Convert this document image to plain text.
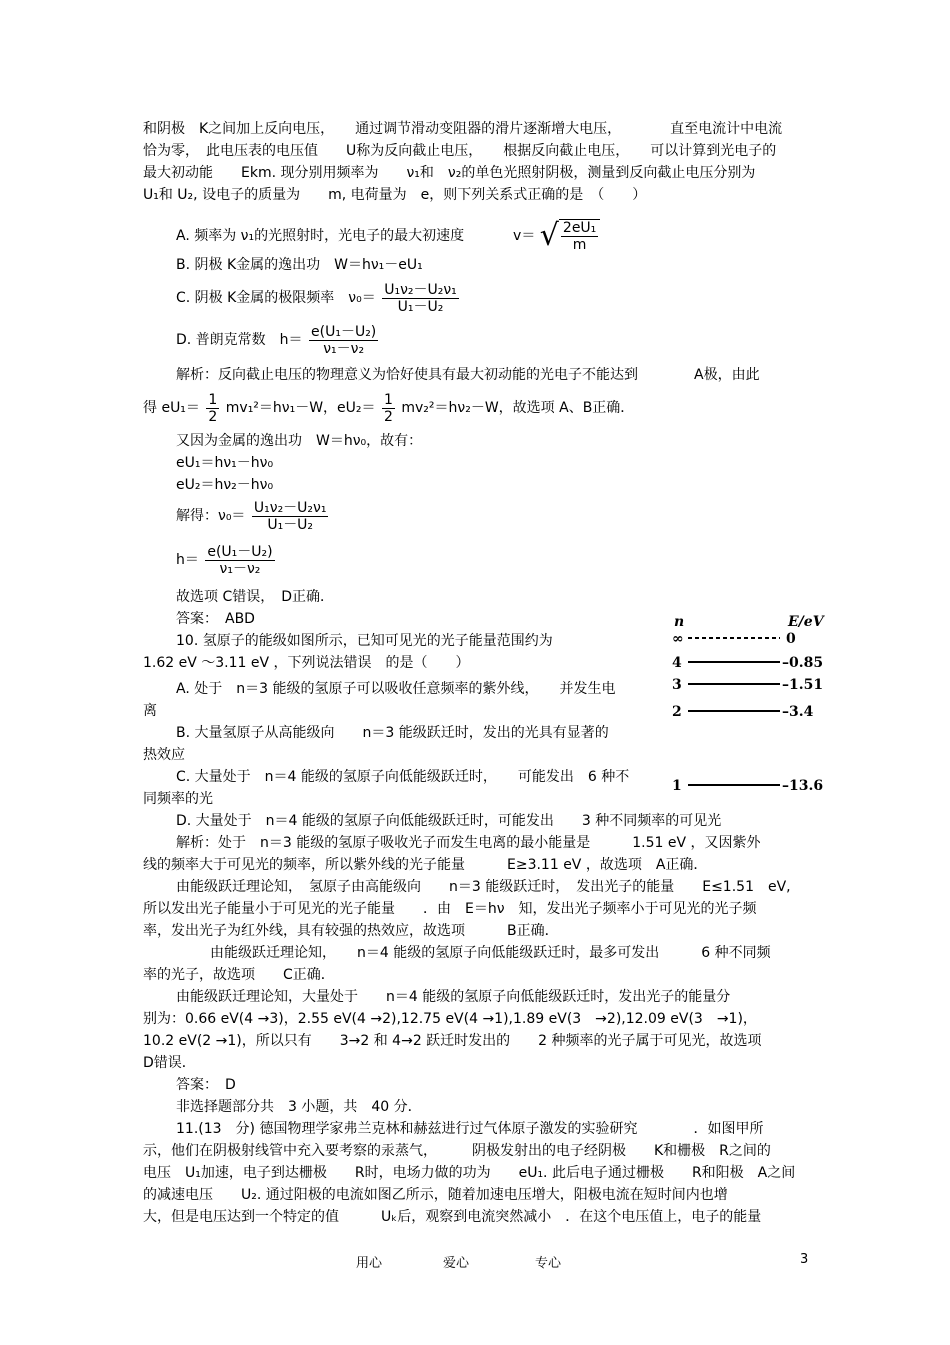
和阴极　K之间加上反向电压，　　通过调节滑动变阻器的滑片逐渐增大电压，　　　　直至电流计中电流
恰为零，　此电压表的电压值　　U称为反向截止电压，　　根据反向截止电压，　　可以计算到光电子的
最大初动能　　Ekm. 现分别用频率为　　ν₁和　ν₂的单色光照射阴极，测量到反向截止电压分别为
U₁和 U₂, 设电子的质量为　　m, 电荷量为　e，则下列关系式正确的是　（　　）
A. 频率为 ν₁的光照射时，光电子的最大初速度	v＝ √ $\frac{\text{2eU₁}}{m}$
B. 阴极 K金属的逸出功　W＝hν₁－eU₁
C. 阴极 K金属的极限频率　$\nu_0= \frac{\text{U₁ν₂－U₂ν₁}}{\text{U₁－U₂}}$
D. 普朗克常数　$h= \frac{\text{e(U₁－U₂)}}{\text{ν₁－ν₂}}$
解析：反向截止电压的物理意义为恰好使具有最大初动能的光电子不能达到　　　　A极，由此
得 $eU_1= \frac{1}{2} mv_1^2=h\nu_1-W$，$eU_2= \frac{1}{2} mv_2^2=h\nu_2-W$，故选项 A、B正确．
又因为金属的逸出功　W＝hν₀，故有：
eU₁＝hν₁－hν₀
eU₂＝hν₂－hν₀
解得：$\nu_0= \frac{\text{U₁ν₂－U₂ν₁}}{\text{U₁－U₂}}$
$h= \frac{\text{e(U₁－U₂)}}{\text{ν₁－ν₂}}$
故选项 C错误，　D正确．
答案：　ABD
10. 氢原子的能级如图所示，已知可见光的光子能量范围约为
1.62 eV ～3.11 eV ，下列说法错误　的是（　　）
A. 处于　n＝3 能级的氢原子可以吸收任意频率的紫外线，　　并发生电
离
B. 大量氢原子从高能级向　　n＝3 能级跃迁时，发出的光具有显著的
热效应
C. 大量处于　n＝4 能级的氢原子向低能级跃迁时，　　可能发出　6 种不
同频率的光
D. 大量处于　n＝4 能级的氢原子向低能级跃迁时，可能发出　　3 种不同频率的可见光
解析：处于　n＝3 能级的氢原子吸收光子而发生电离的最小能量是　　　1.51 eV ，又因紫外
线的频率大于可见光的频率，所以紫外线的光子能量　　　E≥3.11 eV ，故选项　A正确．
由能级跃迁理论知，　氢原子由高能级向　　n＝3 能级跃迁时，　发出光子的能量　　E≤1.51　eV,
所以发出光子能量小于可见光的光子能量　　．由　E＝hν　知，发出光子频率小于可见光的光子频
率，发出光子为红外线，具有较强的热效应，故选项　　　B正确．
由能级跃迁理论知，　　n＝4 能级的氢原子向低能级跃迁时，最多可发出　　　6 种不同频
率的光子，故选项　　C正确．
由能级跃迁理论知，大量处于　　n＝4 能级的氢原子向低能级跃迁时，发出光子的能量分
别为：0.66 eV(4 →3)，2.55 eV(4 →2),12.75 eV(4 →1),1.89 eV(3　→2),12.09 eV(3　→1)，
10.2 eV(2 →1)，所以只有　　3→2 和 4→2 跃迁时发出的　　2 种频率的光子属于可见光，故选项
D错误．
答案：　D
非选择题部分共　3 小题，共　40 分．
11.(13　分) 德国物理学家弗兰克林和赫兹进行过气体原子激发的实验研究　　　　．如图甲所
示，他们在阴极射线管中充入要考察的汞蒸气，　　　阴极发射出的电子经阴极　　K和栅极　R之间的
电压　U₁加速，电子到达栅极　　R时，电场力做的功为　　eU₁. 此后电子通过栅极　　R和阳极　A之间
的减速电压　　U₂. 通过阳极的电流如图乙所示，随着加速电压增大，阳极电流在短时间内也增
大，但是电压达到一个特定的值　　　Uₖ后，观察到电流突然减小　．在这个电压值上，电子的能量
n	E/eV
∞	0
4	–0.85
3	–1.51
2	–3.4
1	–13.6
用心	爱心	专心	3
